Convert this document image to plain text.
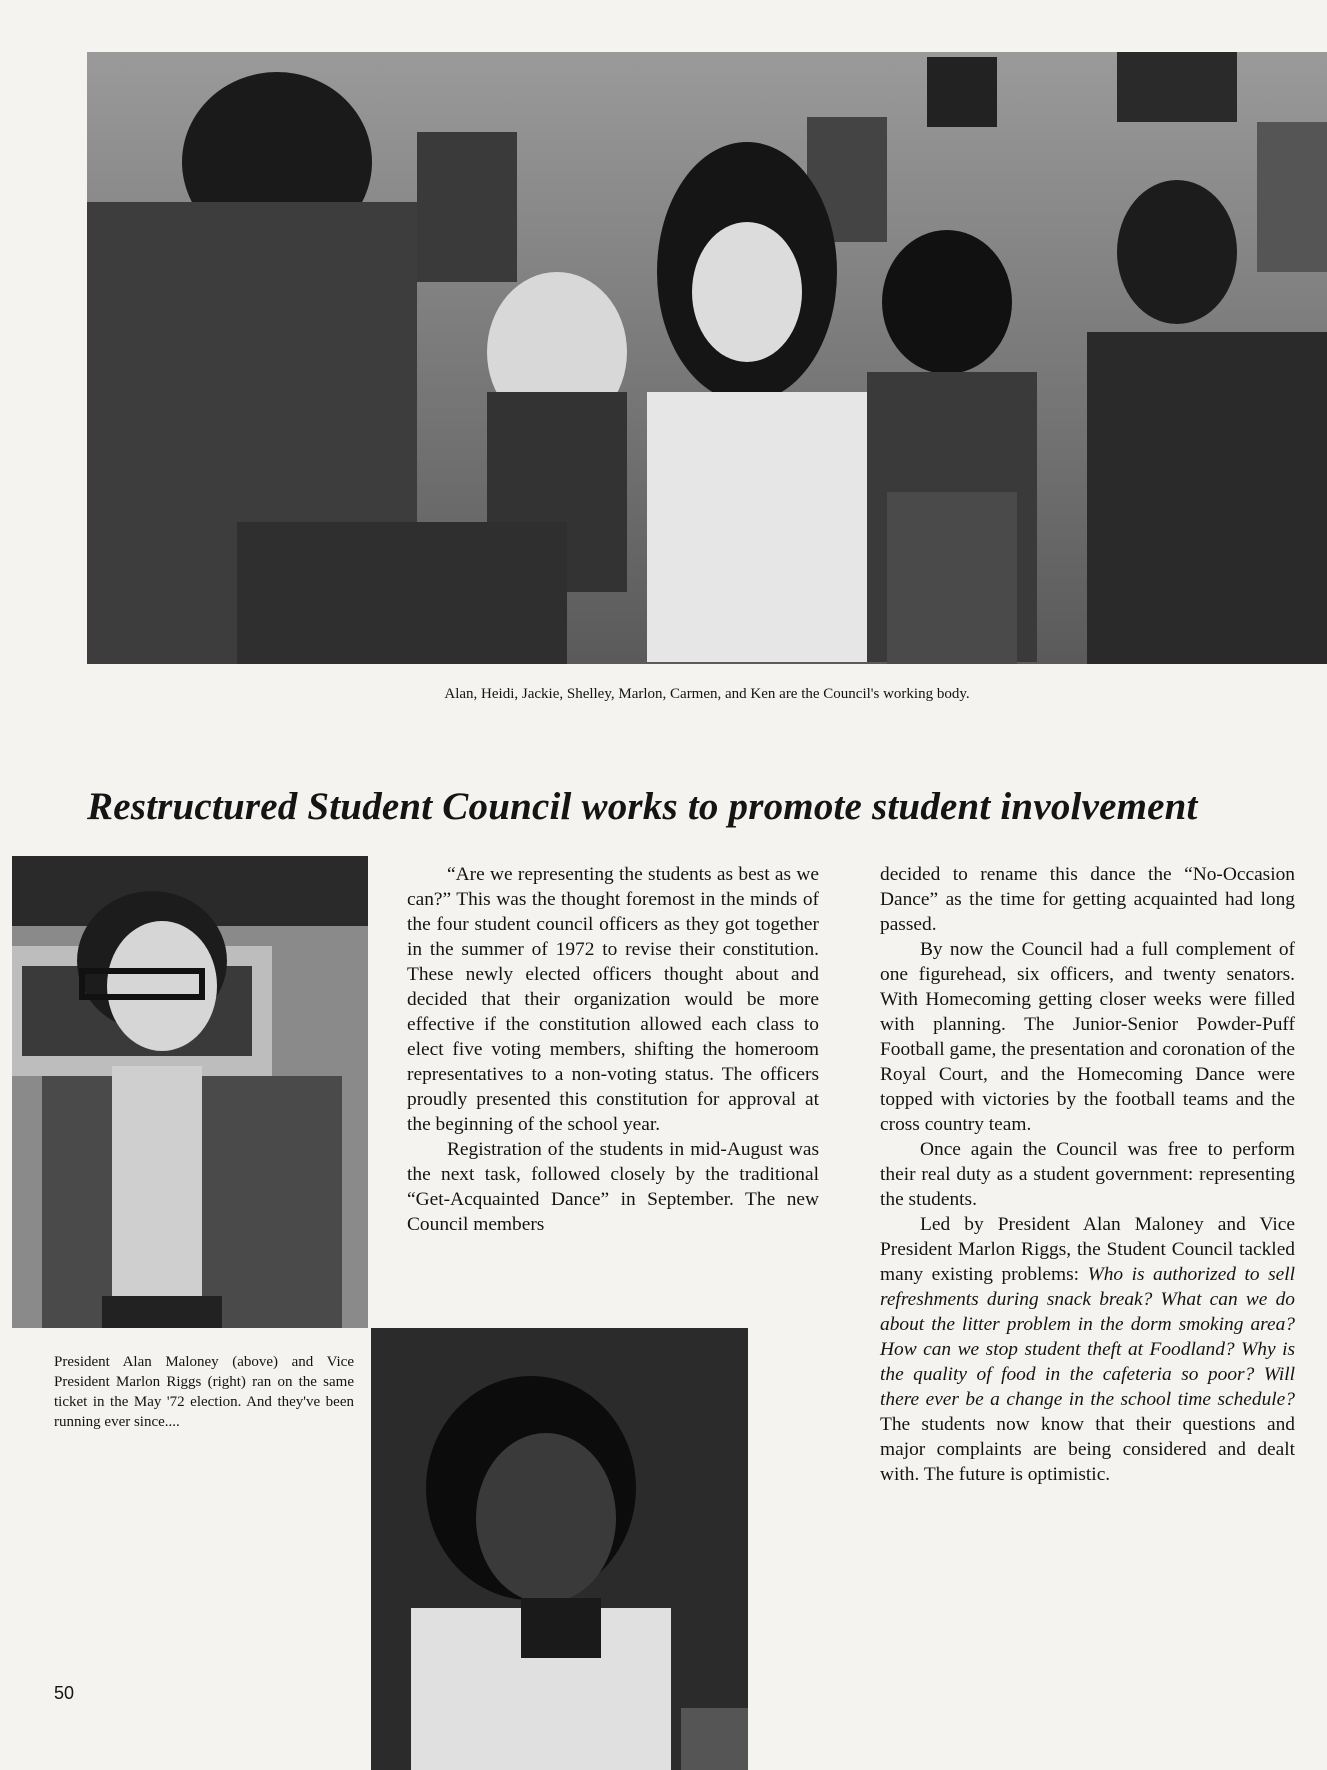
Alan, Heidi, Jackie, Shelley, Marlon, Carmen, and Ken are the Council's working body.
Restructured Student Council works to promote student involvement
President Alan Maloney (above) and Vice President Marlon Riggs (right) ran on the same ticket in the May '72 election. And they've been running ever since....

“Are we representing the students as best as we can?” This was the thought foremost in the minds of the four student council officers as they got together in the summer of 1972 to revise their constitution. These newly elected officers thought about and decided that their organization would be more effective if the constitution allowed each class to elect five voting members, shifting the homeroom representatives to a non-voting status. The officers proudly presented this constitution for approval at the beginning of the school year.

Registration of the students in mid-August was the next task, followed closely by the traditional “Get-Acquainted Dance” in September. The new Council members

decided to rename this dance the “No-Occasion Dance” as the time for getting acquainted had long passed.

By now the Council had a full complement of one figurehead, six officers, and twenty senators. With Homecoming getting closer weeks were filled with planning. The Junior-Senior Powder-Puff Football game, the presentation and coronation of the Royal Court, and the Homecoming Dance were topped with victories by the football teams and the cross country team.

Once again the Council was free to perform their real duty as a student government: representing the students.

Led by President Alan Maloney and Vice President Marlon Riggs, the Student Council tackled many existing problems: Who is authorized to sell refreshments during snack break? What can we do about the litter problem in the dorm smoking area? How can we stop student theft at Foodland? Why is the quality of food in the cafeteria so poor? Will there ever be a change in the school time schedule? The students now know that their questions and major complaints are being considered and dealt with. The future is optimistic.

50
